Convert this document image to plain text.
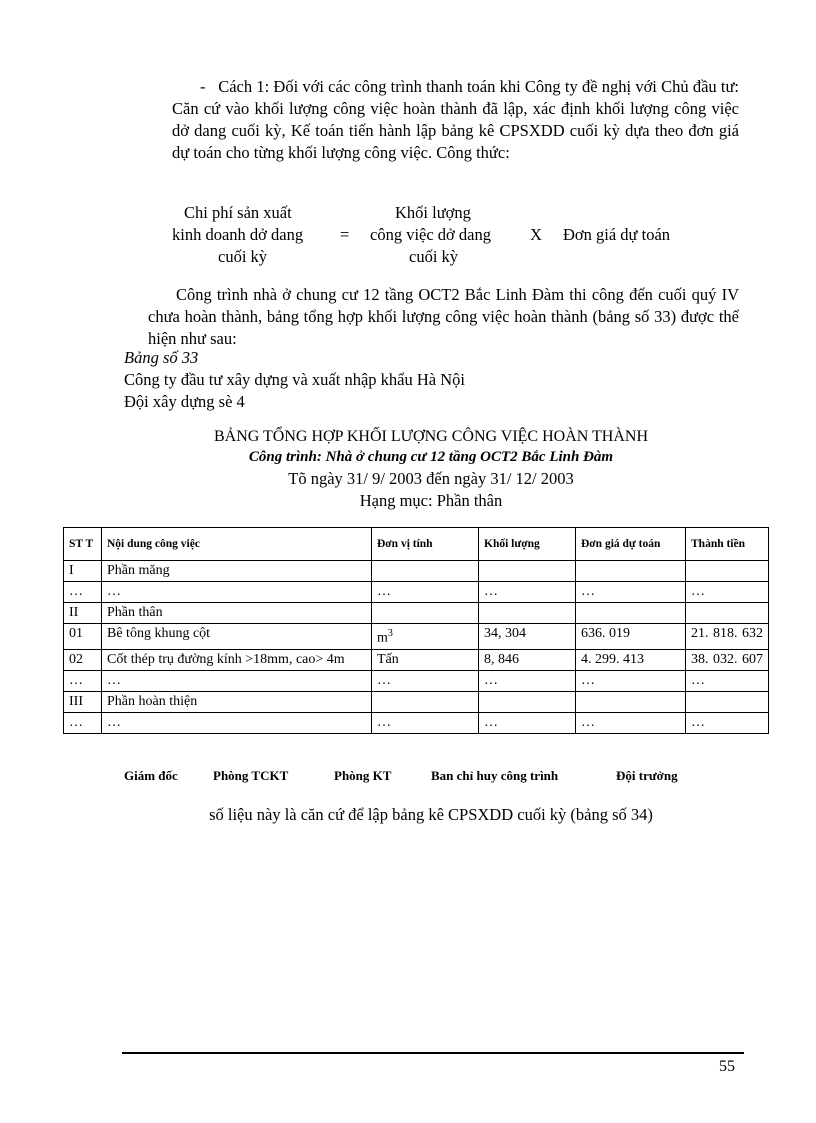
- Cách 1: Đối với các công trình thanh toán khi Công ty đề nghị với Chủ đầu tư: Căn cứ vào khối lượng công việc hoàn thành đã lập, xác định khối lượng công việc dở dang cuối kỳ, Kế toán tiến hành lập bảng kê CPSXDD cuối kỳ dựa theo đơn giá dự toán cho từng khối lượng công việc. Công thức:
Chi phí sản xuất
kinh doanh dở dang
cuối kỳ
=
Khối lượng
công việc dở dang
cuối kỳ
X Đơn giá dự toán
Công trình nhà ở chung cư 12 tầng OCT2 Bắc Linh Đàm thi công đến cuối quý IV chưa hoàn thành, bảng tổng hợp khối lượng công việc hoàn thành (bảng số 33) được thể hiện như sau:
Bảng số 33
Công ty đầu tư xây dựng và xuất nhập khẩu Hà Nội
Đội xây dựng sè 4
BẢNG TỔNG HỢP KHỐI LƯỢNG CÔNG VIỆC HOÀN THÀNH
Công trình: Nhà ở chung cư 12 tầng OCT2 Bắc Linh Đàm
Tõ ngày 31/ 9/ 2003 đến ngày 31/ 12/ 2003
Hạng mục: Phần thân
ST T	Nội dung công việc	Đơn vị tính	Khối lượng	Đơn giá dự toán	Thành tiền
I	Phần măng				
…	…	…	…	…	…
II	Phần thân				
01	Bê tông khung cột	$m^3$	34, 304	636. 019	21. 818. 632
02	Cốt thép trụ đường kính >18mm, cao> 4m	Tấn	8, 846	4. 299. 413	38. 032. 607
…	…	…	…	…	…
III	Phần hoàn thiện				
…	…	…	…	…	…
Giám đốc	Phòng TCKT	Phòng KT	Ban chỉ huy công trình	Đội trưởng
số liệu này là căn cứ để lập bảng kê CPSXDD cuối kỳ (bảng số 34)
55
